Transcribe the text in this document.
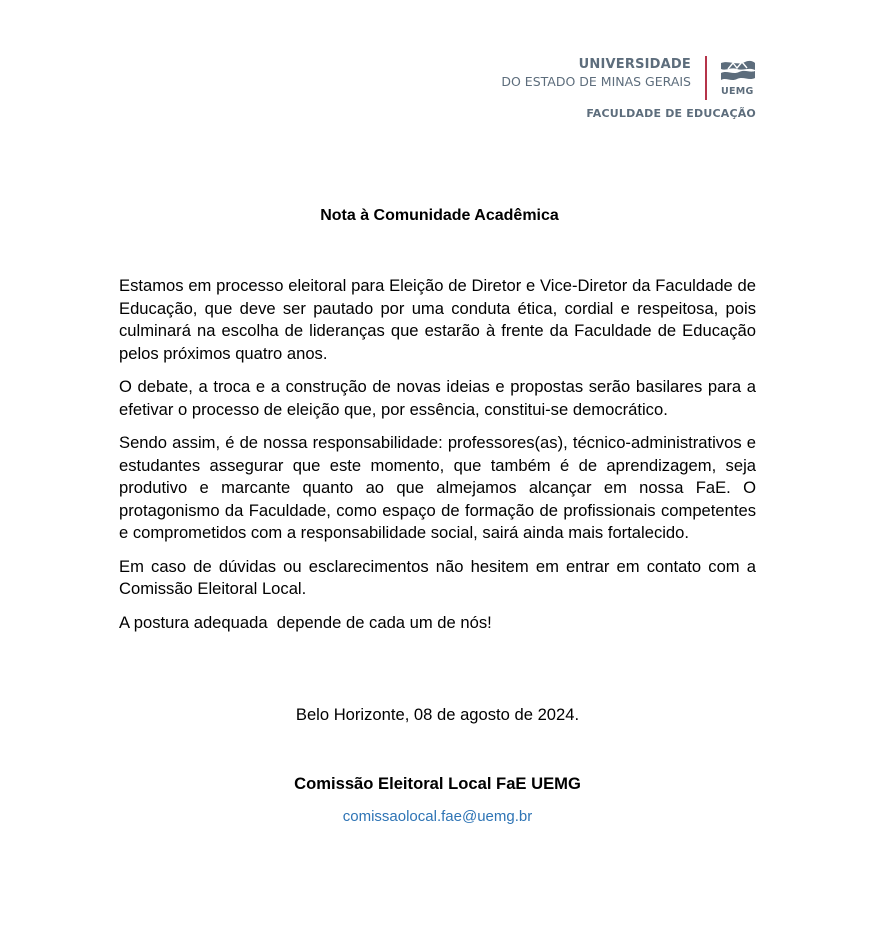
UNIVERSIDADE
DO ESTADO DE MINAS GERAIS
UEMG
FACULDADE DE EDUCAÇÃO
Nota à Comunidade Acadêmica

Estamos em processo eleitoral para Eleição de Diretor e Vice-Diretor da Faculdade de Educação, que deve ser pautado por uma conduta ética, cordial e respeitosa, pois culminará na escolha de lideranças que estarão à frente da Faculdade de Educação pelos próximos quatro anos.

O debate, a troca e a construção de novas ideias e propostas serão basilares para a efetivar o processo de eleição que, por essência, constitui-se democrático.

Sendo assim, é de nossa responsabilidade: professores(as), técnico-administrativos e estudantes assegurar que este momento, que também é de aprendizagem, seja produtivo e marcante quanto ao que almejamos alcançar em nossa FaE. O protagonismo da Faculdade, como espaço de formação de profissionais competentes e comprometidos com a responsabilidade social, sairá ainda mais fortalecido.

Em caso de dúvidas ou esclarecimentos não hesitem em entrar em contato com a Comissão Eleitoral Local.

A postura adequada  depende de cada um de nós!

Belo Horizonte, 08 de agosto de 2024.
Comissão Eleitoral Local FaE UEMG
comissaolocal.fae@uemg.br
